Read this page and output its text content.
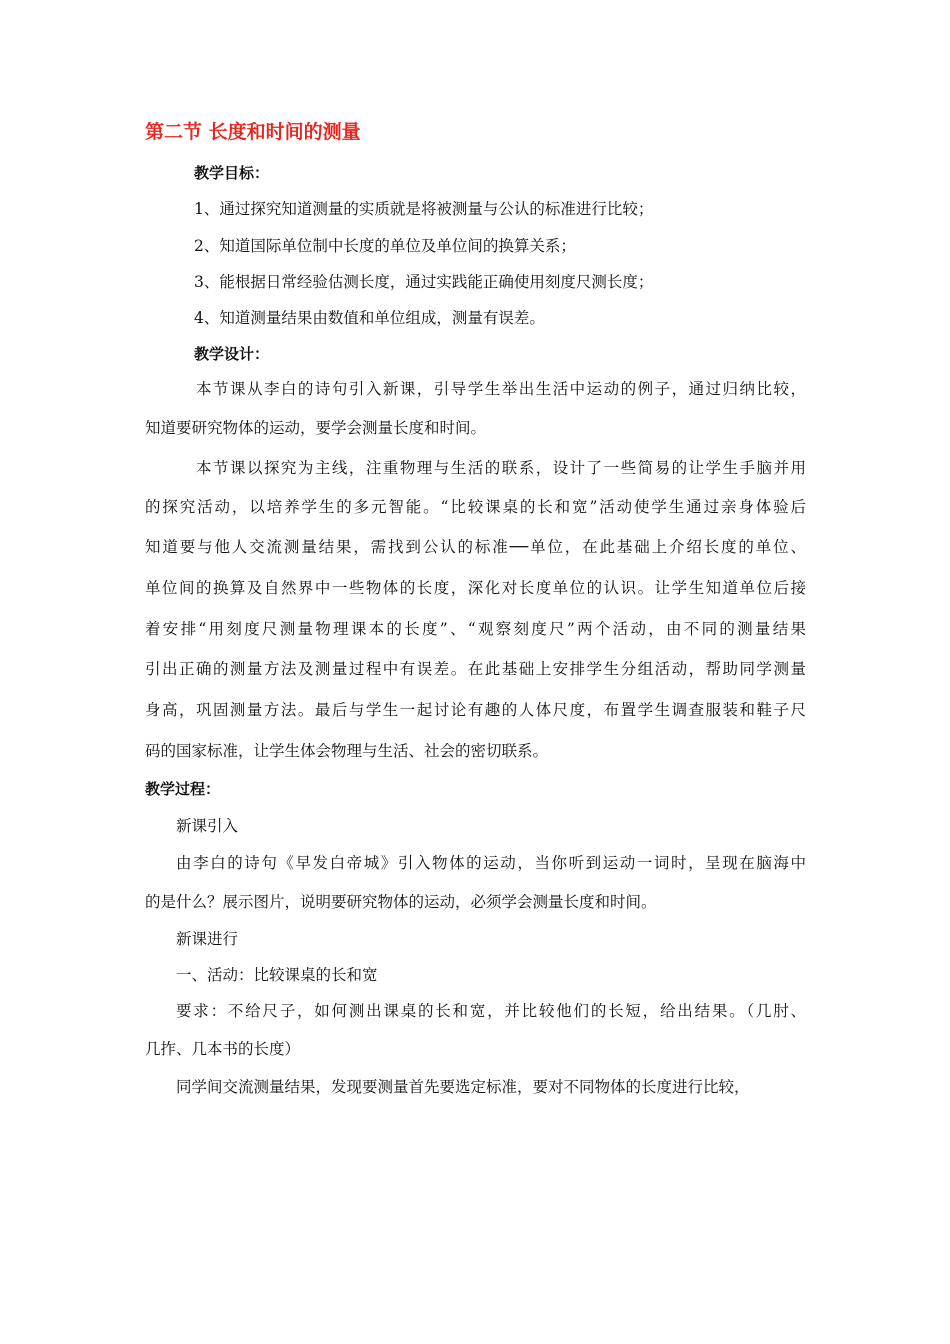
第二节 长度和时间的测量
教学目标：
1、通过探究知道测量的实质就是将被测量与公认的标准进行比较；
2、知道国际单位制中长度的单位及单位间的换算关系；
3、能根据日常经验估测长度，通过实践能正确使用刻度尺测长度；
4、知道测量结果由数值和单位组成，测量有误差。
教学设计：
本节课从李白的诗句引入新课，引导学生举出生活中运动的例子，通过归纳比较，
知道要研究物体的运动，要学会测量长度和时间。
本节课以探究为主线，注重物理与生活的联系，设计了一些简易的让学生手脑并用
的探究活动，以培养学生的多元智能。“比较课桌的长和宽”活动使学生通过亲身体验后
知道要与他人交流测量结果，需找到公认的标准──单位，在此基础上介绍长度的单位、
单位间的换算及自然界中一些物体的长度，深化对长度单位的认识。让学生知道单位后接
着安排“用刻度尺测量物理课本的长度”、“观察刻度尺”两个活动，由不同的测量结果
引出正确的测量方法及测量过程中有误差。在此基础上安排学生分组活动，帮助同学测量
身高，巩固测量方法。最后与学生一起讨论有趣的人体尺度，布置学生调查服装和鞋子尺
码的国家标准，让学生体会物理与生活、社会的密切联系。
教学过程：
新课引入
由李白的诗句《早发白帝城》引入物体的运动，当你听到运动一词时，呈现在脑海中
的是什么？展示图片，说明要研究物体的运动，必须学会测量长度和时间。
新课进行
一、活动：比较课桌的长和宽
要求：不给尺子，如何测出课桌的长和宽，并比较他们的长短，给出结果。（几肘、
几拃、几本书的长度）
同学间交流测量结果，发现要测量首先要选定标准，要对不同物体的长度进行比较，
